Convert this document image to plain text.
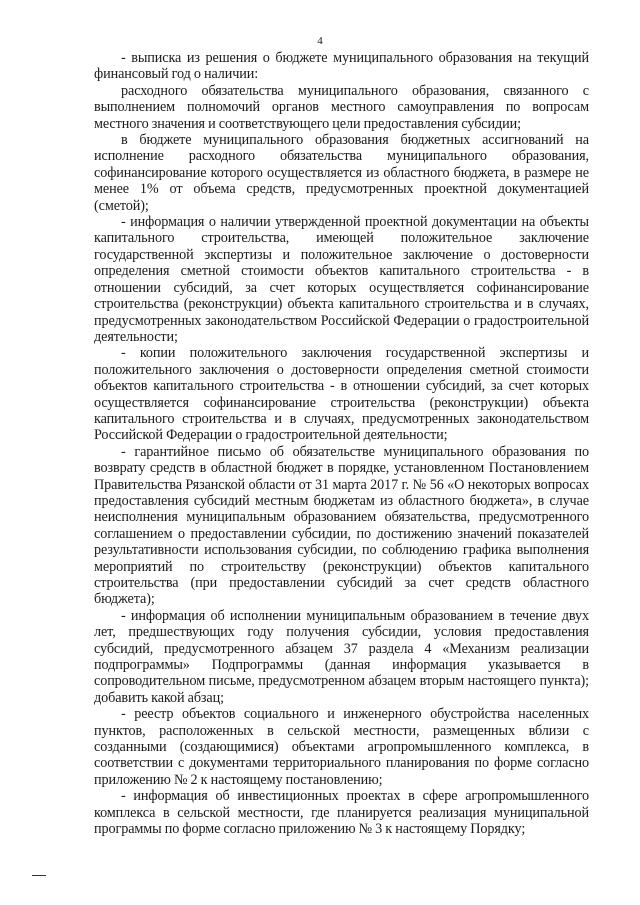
4

- выписка из решения о бюджете муниципального образования на текущий финансовый год о наличии:

расходного обязательства муниципального образования, связанного с выполнением полномочий органов местного самоуправления по вопросам местного значения и соответствующего цели предоставления субсидии;

в бюджете муниципального образования бюджетных ассигнований на исполнение расходного обязательства муниципального образования, софинансирование которого осуществляется из областного бюджета, в размере не менее 1% от объема средств, предусмотренных проектной документацией (сметой);

- информация о наличии утвержденной проектной документации на объекты капитального строительства, имеющей положительное заключение государственной экспертизы и положительное заключение о достоверности определения сметной стоимости объектов капитального строительства - в отношении субсидий, за счет которых осуществляется софинансирование строительства (реконструкции) объекта капитального строительства и в случаях, предусмотренных законодательством Российской Федерации о градостроительной деятельности;

- копии положительного заключения государственной экспертизы и положительного заключения о достоверности определения сметной стоимости объектов капитального строительства - в отношении субсидий, за счет которых осуществляется софинансирование строительства (реконструкции) объекта капитального строительства и в случаях, предусмотренных законодательством Российской Федерации о градостроительной деятельности;

- гарантийное письмо об обязательстве муниципального образования по возврату средств в областной бюджет в порядке, установленном Постановлением Правительства Рязанской области от 31 марта 2017 г. № 56 «О некоторых вопросах предоставления субсидий местным бюджетам из областного бюджета», в случае неисполнения муниципальным образованием обязательства, предусмотренного соглашением о предоставлении субсидии, по достижению значений показателей результативности использования субсидии, по соблюдению графика выполнения мероприятий по строительству (реконструкции) объектов капитального строительства (при предоставлении субсидий за счет средств областного бюджета);

- информация об исполнении муниципальным образованием в течение двух лет, предшествующих году получения субсидии, условия предоставления субсидий, предусмотренного абзацем 37 раздела 4 «Механизм реализации подпрограммы» Подпрограммы (данная информация указывается в сопроводительном письме, предусмотренном абзацем вторым настоящего пункта); добавить какой абзац;

- реестр объектов социального и инженерного обустройства населенных пунктов, расположенных в сельской местности, размещенных вблизи с созданными (создающимися) объектами агропромышленного комплекса, в соответствии с документами территориального планирования по форме согласно приложению № 2 к настоящему постановлению;

- информация об инвестиционных проектах в сфере агропромышленного комплекса в сельской местности, где планируется реализация муниципальной программы по форме согласно приложению № 3 к настоящему Порядку;
